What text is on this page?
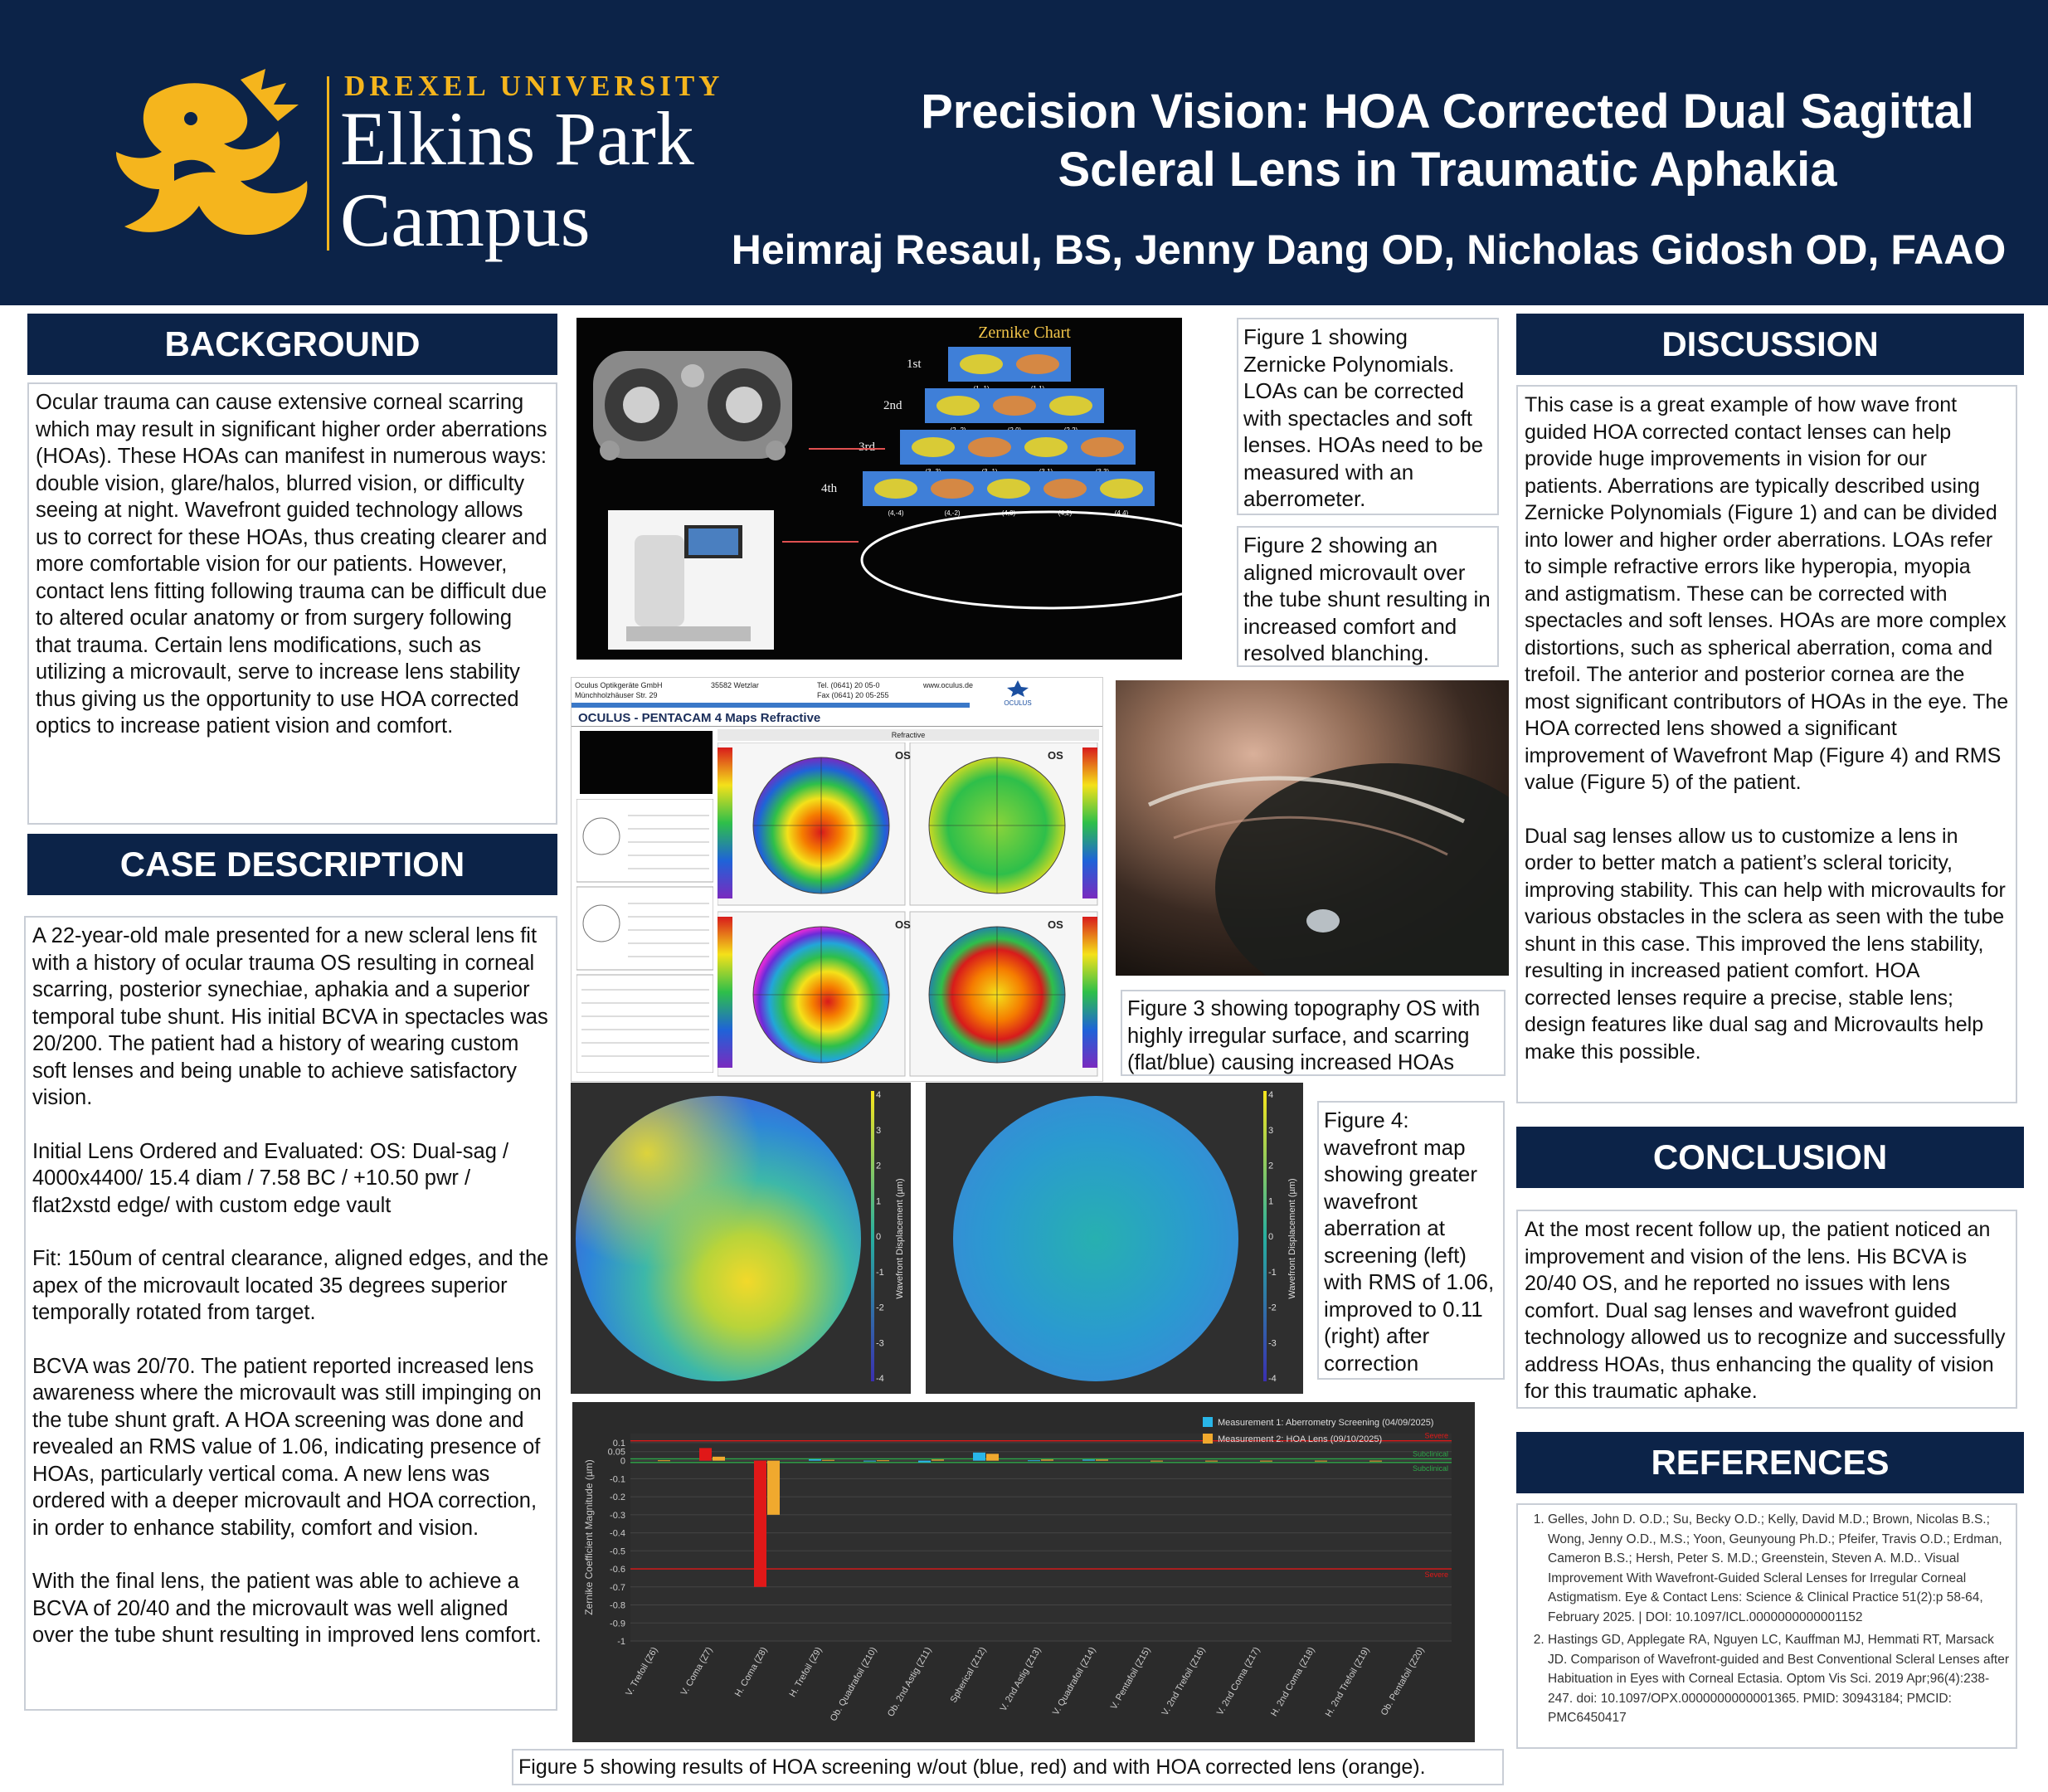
DREXEL UNIVERSITY
Elkins Park
Campus
Precision Vision: HOA Corrected Dual Sagittal
Scleral Lens in Traumatic Aphakia
Heimraj Resaul, BS, Jenny Dang OD, Nicholas Gidosh OD, FAAO
BACKGROUND

Ocular trauma can cause extensive corneal scarring which may result in significant higher order aberrations (HOAs). These HOAs can manifest in numerous ways: double vision, glare/halos, blurred vision, or difficulty seeing at night. Wavefront guided technology allows us to correct for these HOAs, thus creating clearer and more comfortable vision for our patients. However, contact lens fitting following trauma can be difficult due to altered ocular anatomy or from surgery following that trauma. Certain lens modifications, such as utilizing a microvault, serve to increase lens stability thus giving us the opportunity to use HOA corrected optics to increase patient vision and comfort.

CASE DESCRIPTION

A 22-year-old male presented for a new scleral lens fit with a history of ocular trauma OS resulting in corneal scarring, posterior synechiae, aphakia and a superior temporal tube shunt. His initial BCVA in spectacles was 20/200. The patient had a history of wearing custom soft lenses and being unable to achieve satisfactory vision.

Initial Lens Ordered and Evaluated: OS: Dual-sag / 4000x4400/ 15.4 diam / 7.58 BC / +10.50 pwr / flat2xstd edge/ with custom edge vault

Fit: 150um of central clearance, aligned edges, and the apex of the microvault located 35 degrees superior temporally rotated from target.

BCVA was 20/70. The patient reported increased lens awareness where the microvault was still impinging on the tube shunt graft. A HOA screening was done and revealed an RMS value of 1.06, indicating presence of HOAs, particularly vertical coma. A new lens was ordered with a deeper microvault and HOA correction, in order to enhance stability, comfort and vision.

With the final lens, the patient was able to achieve a BCVA of 20/40 and the microvault was well aligned over the tube shunt resulting in improved lens comfort.

Zernike Chart
1st
2nd
3rd
4th
(4,-4)	(4,-2)	(4,0)	(4,2)	(4,4)
Figure 1 showing Zernicke Polynomials. LOAs can be corrected with spectacles and soft lenses. HOAs need to be measured with an aberrometer.
Figure 2 showing an aligned microvault over the tube shunt resulting in increased comfort and resolved blanching.
Oculus Optikgeräte GmbH
Münchholzhäuser Str. 29
35582 Wetzlar	Tel. (0641) 20 05-0
Fax (0641) 20 05-255
www.oculus.de
OCULUS
OCULUS - PENTACAM 4 Maps Refractive
Refractive
OS	OS
OS	OS
Figure 3 showing topography OS with highly irregular surface, and scarring (flat/blue) causing increased HOAs
4
3
2
1
0
-1
-2
-3
-4
Wavefront Displacement (µm)
4
3
2
1
0
-1
-2
-3
-4
Wavefront Displacement (µm)
Figure 4: wavefront map showing greater wavefront aberration at screening (left) with RMS of 1.06, improved to 0.11 (right) after correction
0.1
0.05
0
-0.1
-0.2
-0.3
-0.4
-0.5
-0.6
-0.7
-0.8
-0.9
-1
Subclinical
Subclinical
Severe
Severe
V. Trefoil (Z6) V. Coma (Z7) H. Coma (Z8) H. Trefoil (Z9) Ob. Quadrafoil (Z10) Ob. 2nd Astig (Z11) Spherical (Z12) V. 2nd Astig (Z13) V. Quadrafoil (Z14) V. Pentafoil (Z15) V. 2nd Trefoil (Z16) V. 2nd Coma (Z17) H. 2nd Coma (Z18) H. 2nd Trefoil (Z19) Ob. Pentafoil (Z20)
Zernike Coefficient Magnitude (µm)
Measurement 1: Aberrometry Screening (04/09/2025)
Measurement 2: HOA Lens (09/10/2025)
Figure 5 showing results of HOA screening w/out (blue, red) and with HOA corrected lens (orange).
DISCUSSION

This case is a great example of how wave front guided HOA corrected contact lenses can help provide huge improvements in vision for our patients. Aberrations are typically described using Zernicke Polynomials (Figure 1) and can be divided into lower and higher order aberrations. LOAs refer to simple refractive errors like hyperopia, myopia and astigmatism. These can be corrected with spectacles and soft lenses. HOAs are more complex distortions, such as spherical aberration, coma and trefoil. The anterior and posterior cornea are the most significant contributors of HOAs in the eye. The HOA corrected lens showed a significant improvement of Wavefront Map (Figure 4) and RMS value (Figure 5) of the patient.

Dual sag lenses allow us to customize a lens in order to better match a patient’s scleral toricity, improving stability. This can help with microvaults for various obstacles in the sclera as seen with the tube shunt in this case. This improved the lens stability, resulting in increased patient comfort. HOA corrected lenses require a precise, stable lens; design features like dual sag and Microvaults help make this possible.

CONCLUSION

At the most recent follow up, the patient noticed an improvement and vision of the lens. His BCVA is 20/40 OS, and he reported no issues with lens comfort. Dual sag lenses and wavefront guided technology allowed us to recognize and successfully address HOAs, thus enhancing the quality of vision for this traumatic aphake.

REFERENCES
1. Gelles, John D. O.D.; Su, Becky O.D.; Kelly, David M.D.; Brown, Nicolas B.S.; Wong, Jenny O.D., M.S.; Yoon, Geunyoung Ph.D.; Pfeifer, Travis O.D.; Erdman, Cameron B.S.; Hersh, Peter S. M.D.; Greenstein, Steven A. M.D.. Visual Improvement With Wavefront-Guided Scleral Lenses for Irregular Corneal Astigmatism. Eye & Contact Lens: Science & Clinical Practice 51(2):p 58-64, February 2025. | DOI: 10.1097/ICL.0000000000001152
2. Hastings GD, Applegate RA, Nguyen LC, Kauffman MJ, Hemmati RT, Marsack JD. Comparison of Wavefront-guided and Best Conventional Scleral Lenses after Habituation in Eyes with Corneal Ectasia. Optom Vis Sci. 2019 Apr;96(4):238-247. doi: 10.1097/OPX.0000000000001365. PMID: 30943184; PMCID: PMC6450417
